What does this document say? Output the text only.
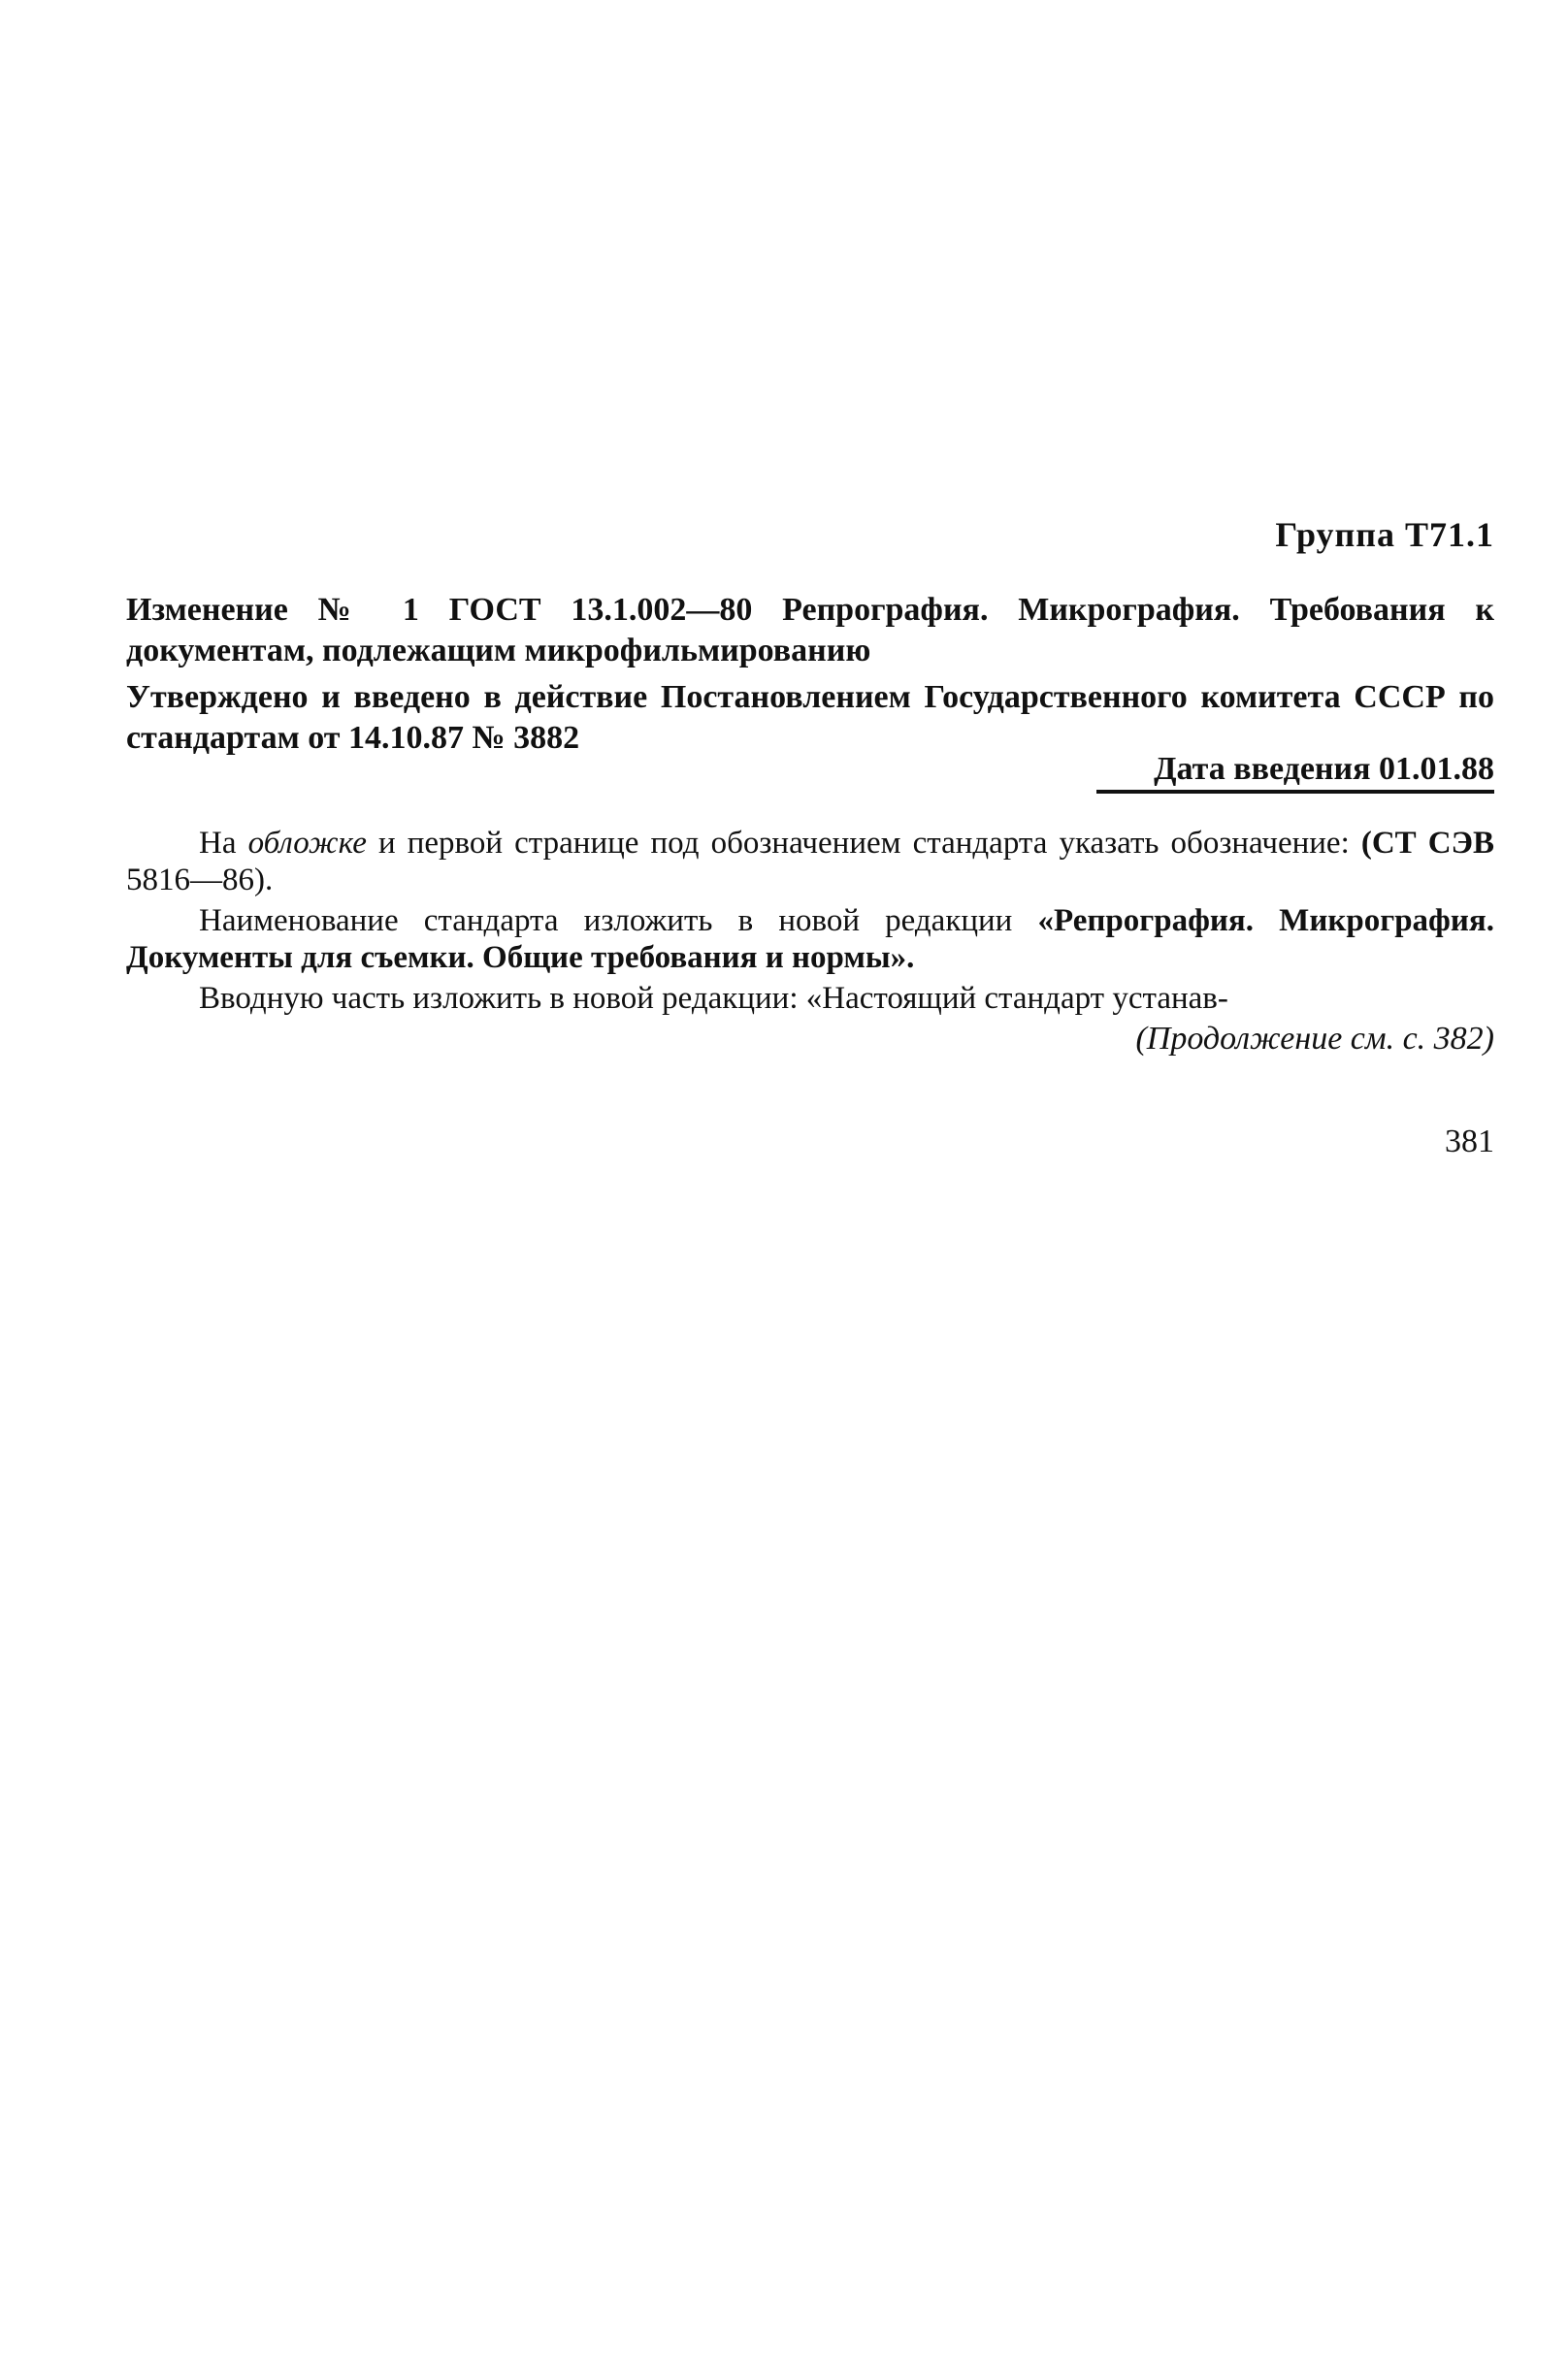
Группа Т71.1
Изменение № 1 ГОСТ 13.1.002—80 Репрография. Микрография. Требования к документам, подлежащим микрофильмированию
Утверждено и введено в действие Постановлением Государственного комитета СССР по стандартам от 14.10.87 № 3882
Дата введения 01.01.88

На обложке и первой странице под обозначением стандарта указать обозначение: (СТ СЭВ 5816—86).

Наименование стандарта изложить в новой редакции «Репрография. Микрография. Документы для съемки. Общие требования и нормы».

Вводную часть изложить в новой редакции: «Настоящий стандарт устанав-

(Продолжение см. с. 382)
381
